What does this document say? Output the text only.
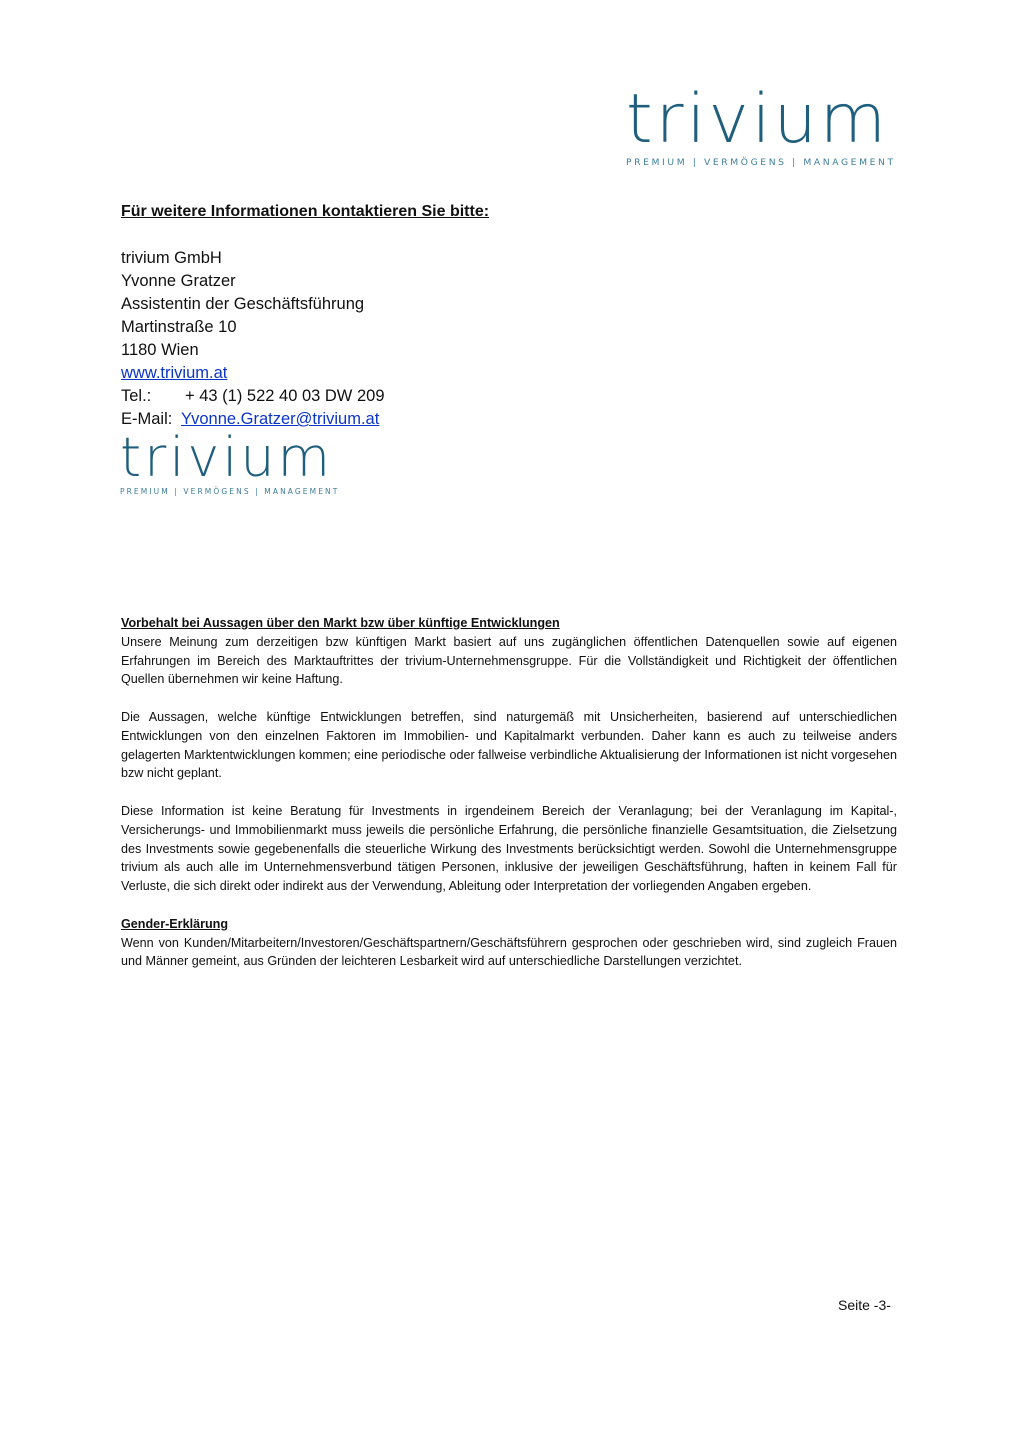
trivium
PREMIUM | VERMÖGENS | MANAGEMENT
Für weitere Informationen kontaktieren Sie bitte:
trivium GmbH
Yvonne Gratzer
Assistentin der Geschäftsführung
Martinstraße 10
1180 Wien
www.trivium.at
Tel.: + 43 (1) 522 40 03 DW 209
E-Mail: Yvonne.Gratzer@trivium.at
trivium
PREMIUM | VERMÖGENS | MANAGEMENT
Vorbehalt bei Aussagen über den Markt bzw über künftige Entwicklungen

Unsere Meinung zum derzeitigen bzw künftigen Markt basiert auf uns zugänglichen öffentlichen Datenquellen sowie auf eigenen Erfahrungen im Bereich des Marktauftrittes der trivium-Unternehmensgruppe. Für die Vollständigkeit und Richtigkeit der öffentlichen Quellen übernehmen wir keine Haftung.

Die Aussagen, welche künftige Entwicklungen betreffen, sind naturgemäß mit Unsicherheiten, basierend auf unterschiedlichen Entwicklungen von den einzelnen Faktoren im Immobilien- und Kapitalmarkt verbunden. Daher kann es auch zu teilweise anders gelagerten Marktentwicklungen kommen; eine periodische oder fallweise verbindliche Aktualisierung der Informationen ist nicht vorgesehen bzw nicht geplant.

Diese Information ist keine Beratung für Investments in irgendeinem Bereich der Veranlagung; bei der Veranlagung im Kapital-, Versicherungs- und Immobilienmarkt muss jeweils die persönliche Erfahrung, die persönliche finanzielle Gesamtsituation, die Zielsetzung des Investments sowie gegebenenfalls die steuerliche Wirkung des Investments berücksichtigt werden. Sowohl die Unternehmensgruppe trivium als auch alle im Unternehmensverbund tätigen Personen, inklusive der jeweiligen Geschäftsführung, haften in keinem Fall für Verluste, die sich direkt oder indirekt aus der Verwendung, Ableitung oder Interpretation der vorliegenden Angaben ergeben.

Gender-Erklärung

Wenn von Kunden/Mitarbeitern/Investoren/Geschäftspartnern/Geschäftsführern gesprochen oder geschrieben wird, sind zugleich Frauen und Männer gemeint, aus Gründen der leichteren Lesbarkeit wird auf unterschiedliche Darstellungen verzichtet.

Seite -3-
